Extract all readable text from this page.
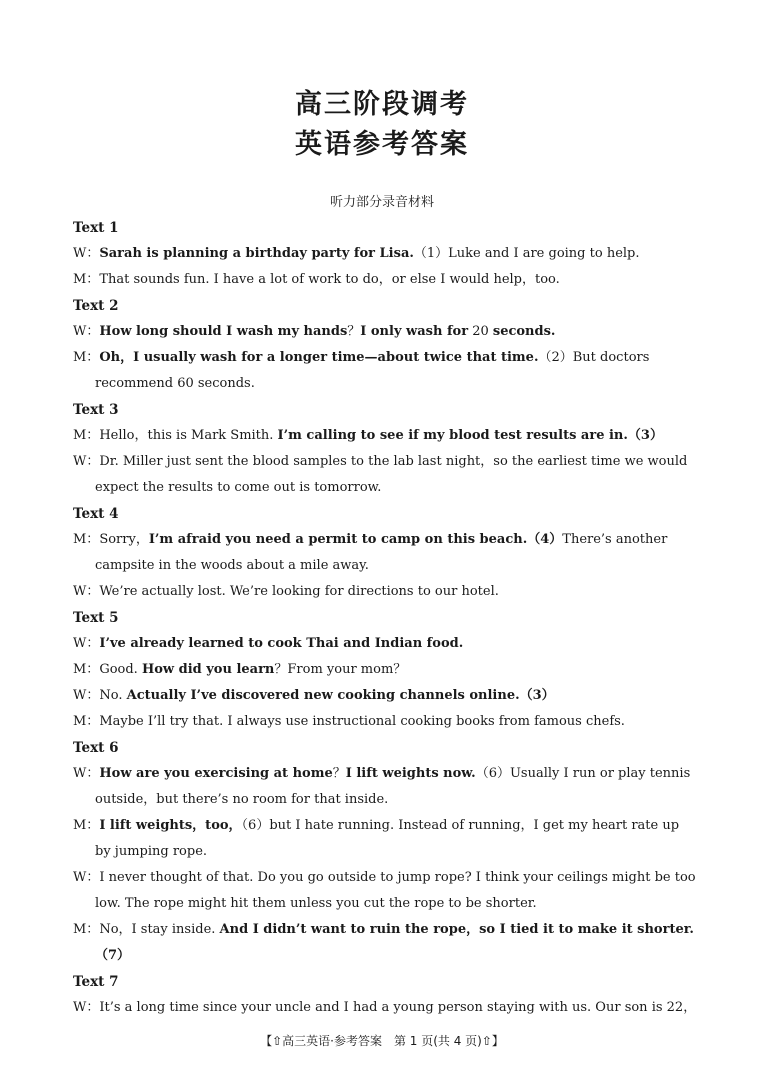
高三阶段调考
英语参考答案
听力部分录音材料
Text 1
W：Sarah is planning a birthday party for Lisa.（1）Luke and I are going to help.
M：That sounds fun. I have a lot of work to do，or else I would help，too.
Text 2
W：How long should I wash my hands？I only wash for 20 seconds.
M：Oh，I usually wash for a longer time—about twice that time.（2）But doctors recommend 60 seconds.
Text 3
M：Hello，this is Mark Smith. I’m calling to see if my blood test results are in.（3）
W：Dr. Miller just sent the blood samples to the lab last night，so the earliest time we would expect the results to come out is tomorrow.
Text 4
M：Sorry，I’m afraid you need a permit to camp on this beach.（4）There’s another campsite in the woods about a mile away.
W：We’re actually lost. We’re looking for directions to our hotel.
Text 5
W：I’ve already learned to cook Thai and Indian food.
M：Good. How did you learn？From your mom？
W：No. Actually I’ve discovered new cooking channels online.（3）
M：Maybe I’ll try that. I always use instructional cooking books from famous chefs.
Text 6
W：How are you exercising at home？I lift weights now.（6）Usually I run or play tennis outside，but there’s no room for that inside.
M：I lift weights，too，（6）but I hate running. Instead of running，I get my heart rate up by jumping rope.
W：I never thought of that. Do you go outside to jump rope? I think your ceilings might be too low. The rope might hit them unless you cut the rope to be shorter.
M：No，I stay inside. And I didn’t want to ruin the rope，so I tied it to make it shorter.（7）
Text 7
W：It’s a long time since your uncle and I had a young person staying with us. Our son is 22，
【⇧高三英语·参考答案　第 1 页(共 4 页)⇧】
